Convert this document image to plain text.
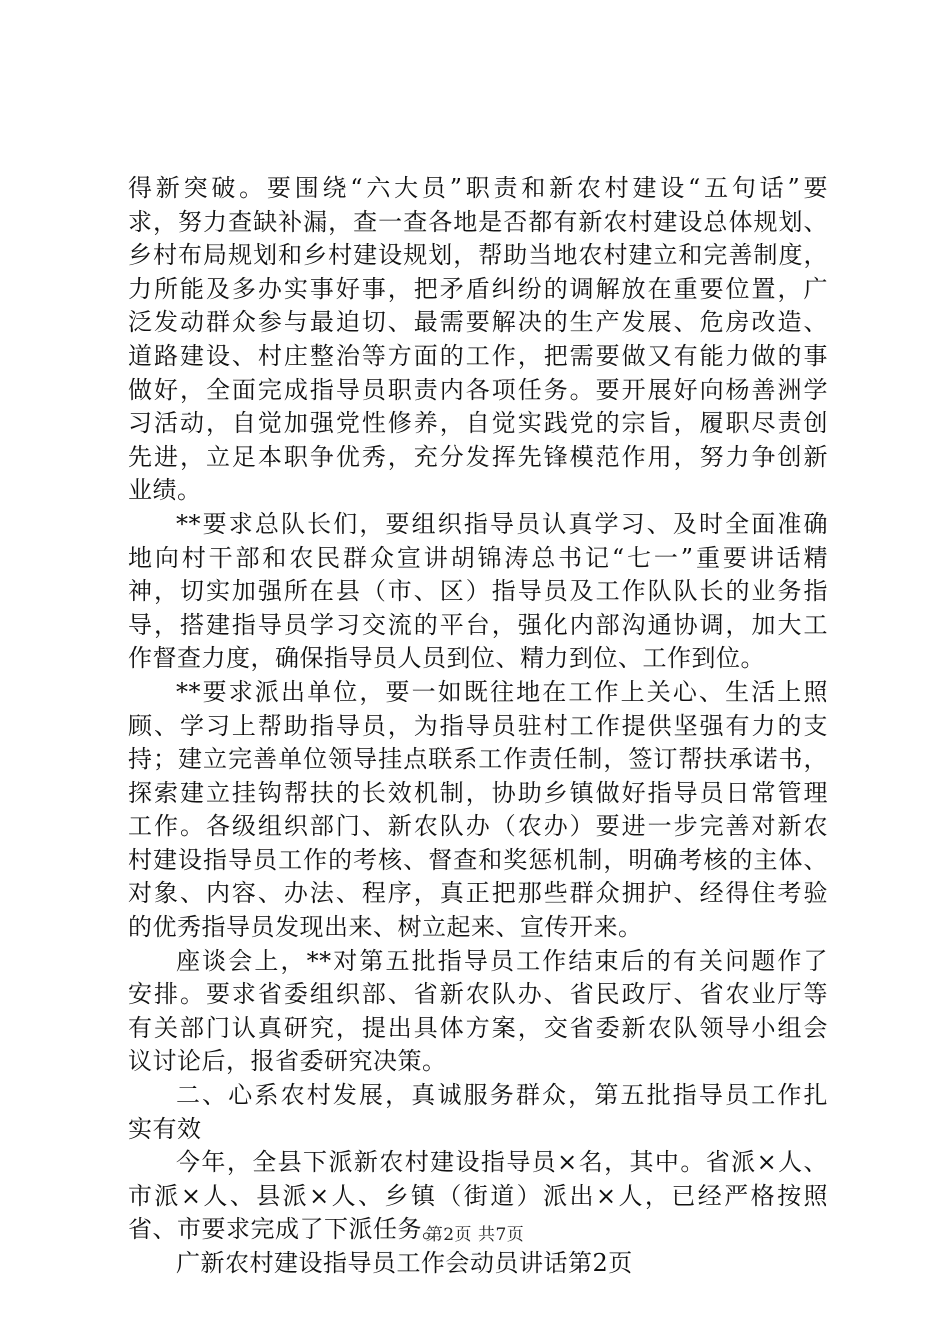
得新突破。要围绕“六大员”职责和新农村建设“五句话”要
求，努力查缺补漏，查一查各地是否都有新农村建设总体规划、
乡村布局规划和乡村建设规划，帮助当地农村建立和完善制度，
力所能及多办实事好事，把矛盾纠纷的调解放在重要位置，广
泛发动群众参与最迫切、最需要解决的生产发展、危房改造、
道路建设、村庄整治等方面的工作，把需要做又有能力做的事
做好，全面完成指导员职责内各项任务。要开展好向杨善洲学
习活动，自觉加强党性修养，自觉实践党的宗旨，履职尽责创
先进，立足本职争优秀，充分发挥先锋模范作用，努力争创新
业绩。
**要求总队长们，要组织指导员认真学习、及时全面准确
地向村干部和农民群众宣讲胡锦涛总书记“七一”重要讲话精
神，切实加强所在县（市、区）指导员及工作队队长的业务指
导，搭建指导员学习交流的平台，强化内部沟通协调，加大工
作督查力度，确保指导员人员到位、精力到位、工作到位。
**要求派出单位，要一如既往地在工作上关心、生活上照
顾、学习上帮助指导员，为指导员驻村工作提供坚强有力的支
持；建立完善单位领导挂点联系工作责任制，签订帮扶承诺书，
探索建立挂钩帮扶的长效机制，协助乡镇做好指导员日常管理
工作。各级组织部门、新农队办（农办）要进一步完善对新农
村建设指导员工作的考核、督查和奖惩机制，明确考核的主体、
对象、内容、办法、程序，真正把那些群众拥护、经得住考验
的优秀指导员发现出来、树立起来、宣传开来。
座谈会上，**对第五批指导员工作结束后的有关问题作了
安排。要求省委组织部、省新农队办、省民政厅、省农业厅等
有关部门认真研究，提出具体方案，交省委新农队领导小组会
议讨论后，报省委研究决策。
二、心系农村发展，真诚服务群众，第五批指导员工作扎
实有效
今年，全县下派新农村建设指导员×名，其中。省派×人、
市派×人、县派×人、乡镇（街道）派出×人，已经严格按照
省、市要求完成了下派任务。
广新农村建设指导员工作会动员讲话第2页
第2页 共7页
